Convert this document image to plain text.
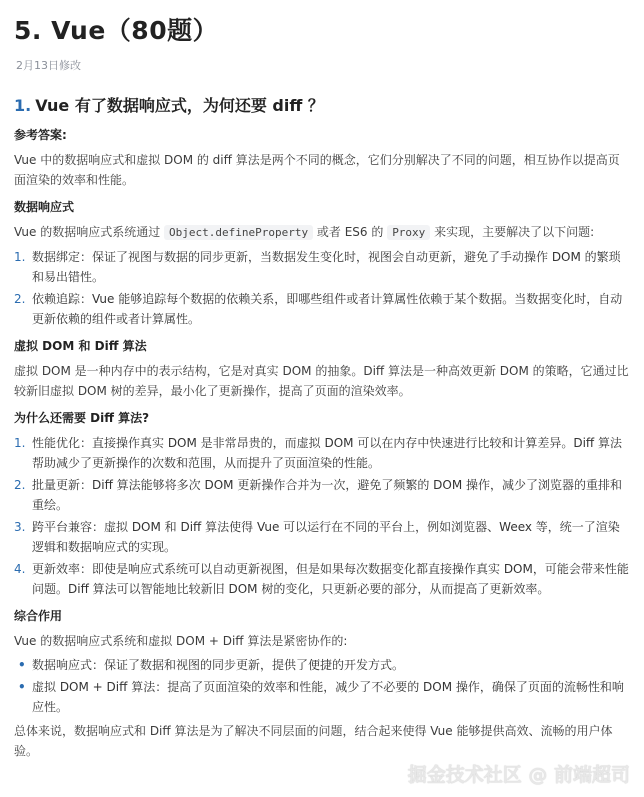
5. Vue（80题）
2月13日修改
1. Vue 有了数据响应式，为何还要 diff ？
参考答案:
Vue 中的数据响应式和虚拟 DOM 的 diff 算法是两个不同的概念，它们分别解决了不同的问题，相互协作以提高页面渲染的效率和性能。
数据响应式
Vue 的数据响应式系统通过 Object.defineProperty 或者 ES6 的 Proxy 来实现，主要解决了以下问题:
1. 数据绑定：保证了视图与数据的同步更新，当数据发生变化时，视图会自动更新，避免了手动操作 DOM 的繁琐和易出错性。
2. 依赖追踪：Vue 能够追踪每个数据的依赖关系，即哪些组件或者计算属性依赖于某个数据。当数据变化时，自动更新依赖的组件或者计算属性。
虚拟 DOM 和 Diff 算法
虚拟 DOM 是一种内存中的表示结构，它是对真实 DOM 的抽象。Diff 算法是一种高效更新 DOM 的策略，它通过比较新旧虚拟 DOM 树的差异，最小化了更新操作，提高了页面的渲染效率。
为什么还需要 Diff 算法?
1. 性能优化：直接操作真实 DOM 是非常昂贵的，而虚拟 DOM 可以在内存中快速进行比较和计算差异。Diff 算法帮助减少了更新操作的次数和范围，从而提升了页面渲染的性能。
2. 批量更新：Diff 算法能够将多次 DOM 更新操作合并为一次，避免了频繁的 DOM 操作，减少了浏览器的重排和重绘。
3. 跨平台兼容：虚拟 DOM 和 Diff 算法使得 Vue 可以运行在不同的平台上，例如浏览器、Weex 等，统一了渲染逻辑和数据响应式的实现。
4. 更新效率：即使是响应式系统可以自动更新视图，但是如果每次数据变化都直接操作真实 DOM，可能会带来性能问题。Diff 算法可以智能地比较新旧 DOM 树的变化，只更新必要的部分，从而提高了更新效率。
综合作用
Vue 的数据响应式系统和虚拟 DOM + Diff 算法是紧密协作的:
• 数据响应式：保证了数据和视图的同步更新，提供了便捷的开发方式。
• 虚拟 DOM + Diff 算法：提高了页面渲染的效率和性能，减少了不必要的 DOM 操作，确保了页面的流畅性和响应性。
总体来说，数据响应式和 Diff 算法是为了解决不同层面的问题，结合起来使得 Vue 能够提供高效、流畅的用户体验。
掘金技术社区 @ 前端超司
